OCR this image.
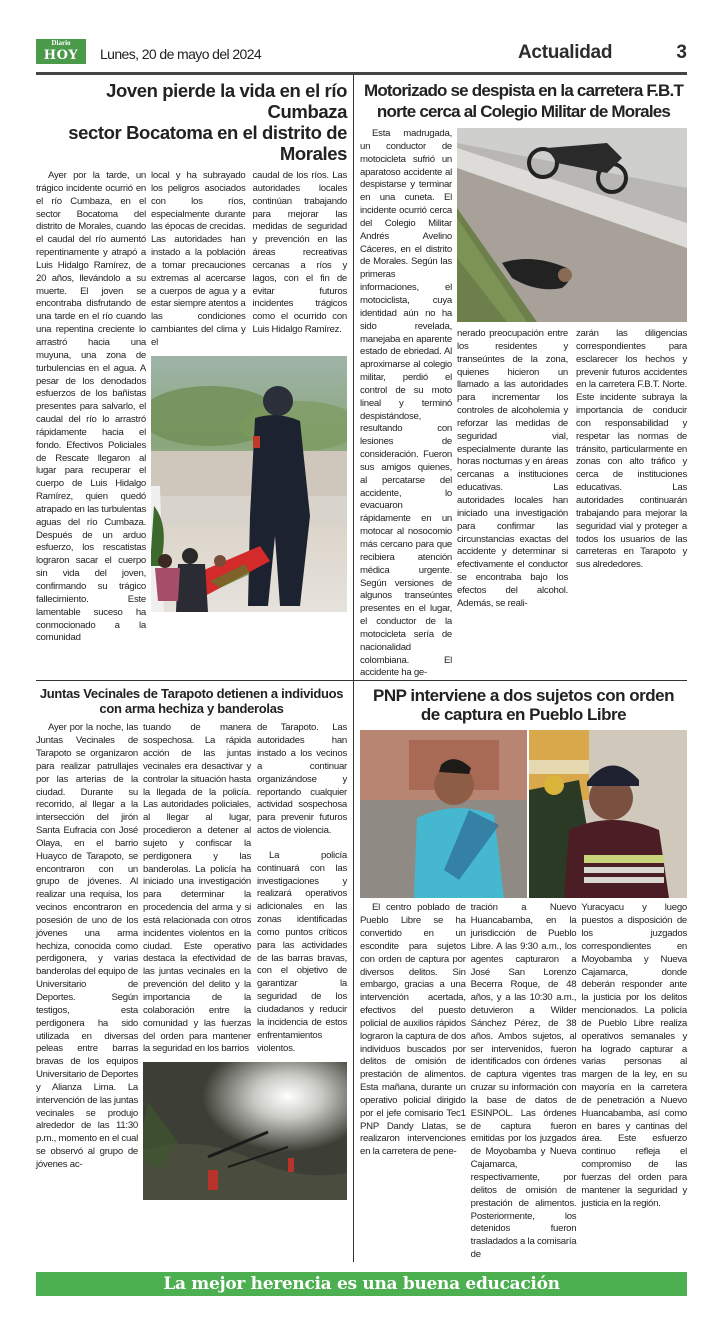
Diario
HOY	Lunes, 20 de mayo del 2024	Actualidad	3
Joven pierde la vida en el río Cumbaza
sector Bocatoma en el distrito de Morales

Ayer por la tarde, un trágico incidente ocurrió en el río Cumbaza, en el sector Bocatoma del distrito de Morales, cuando el caudal del río aumentó repentinamente y atrapó a Luis Hidalgo Ramírez, de 20 años, llevándolo a su muerte. El joven se encontraba disfrutando de una tarde en el río cuando una repentina creciente lo arrastró hacia una muyuna, una zona de turbulencias en el agua. A pesar de los denodados esfuerzos de los bañistas presentes para salvarlo, el caudal del río lo arrastró rápidamente hacia el fondo. Efectivos Policiales de Rescate llegaron al lugar para recuperar el cuerpo de Luis Hidalgo Ramírez, quien quedó atrapado en las turbulentas aguas del río Cumbaza. Después de un arduo esfuerzo, los rescatistas lograron sacar el cuerpo sin vida del joven, confirmando su trágico fallecimiento. Este lamentable suceso ha conmocionado a la comunidad

local y ha subrayado los peligros asociados con los ríos, especialmente durante las épocas de crecidas. Las autoridades han instado a la población a tomar precauciones extremas al acercarse a cuerpos de agua y a estar siempre atentos a las condiciones cambiantes del clima y el

caudal de los ríos. Las autoridades locales continúan trabajando para mejorar las medidas de seguridad y prevención en las áreas recreativas cercanas a ríos y lagos, con el fin de evitar futuros incidentes trágicos como el ocurrido con Luis Hidalgo Ramírez.

Motorizado se despista en la carretera F.B.T
norte cerca al Colegio Militar de Morales

Esta madrugada, un conductor de motocicleta sufrió un aparatoso accidente al despistarse y terminar en una cuneta. El incidente ocurrió cerca del Colegio Militar Andrés Avelino Cáceres, en el distrito de Morales. Según las primeras informaciones, el motociclista, cuya identidad aún no ha sido revelada, manejaba en aparente estado de ebriedad. Al aproximarse al colegio militar, perdió el control de su moto lineal y terminó despistándose, resultando con lesiones de consideración. Fueron sus amigos quienes, al percatarse del accidente, lo evacuaron rápidamente en un motocar al nosocomio más cercano para que recibiera atención médica urgente. Según versiones de algunos transeúntes presentes en el lugar, el conductor de la motocicleta sería de nacionalidad colombiana. El accidente ha ge-

nerado preocupación entre los residentes y transeúntes de la zona, quienes hicieron un llamado a las autoridades para incrementar los controles de alcoholemia y reforzar las medidas de seguridad vial, especialmente durante las horas nocturnas y en áreas cercanas a instituciones educativas. Las autoridades locales han iniciado una investigación para confirmar las circunstancias exactas del accidente y determinar si efectivamente el conductor se encontraba bajo los efectos del alcohol. Además, se reali-

zarán las diligencias correspondientes para esclarecer los hechos y prevenir futuros accidentes en la carretera F.B.T. Norte. Este incidente subraya la importancia de conducir con responsabilidad y respetar las normas de tránsito, particularmente en zonas con alto tráfico y cerca de instituciones educativas. Las autoridades continuarán trabajando para mejorar la seguridad vial y proteger a todos los usuarios de las carreteras en Tarapoto y sus alrededores.

Juntas Vecinales de Tarapoto detienen a individuos
con arma hechiza y banderolas

Ayer por la noche, las Juntas Vecinales de Tarapoto se organizaron para realizar patrullajes por las arterias de la ciudad. Durante su recorrido, al llegar a la intersección del jirón Santa Eufracia con José Olaya, en el barrio Huayco de Tarapoto, se encontraron con un grupo de jóvenes. Al realizar una requisa, los vecinos encontraron en posesión de uno de los jóvenes una arma hechiza, conocida como perdigonera, y varias banderolas del equipo de Universitario de Deportes. Según testigos, esta perdigonera ha sido utilizada en diversas peleas entre barras bravas de los equipos Universitario de Deportes y Alianza Lima. La intervención de las juntas vecinales se produjo alrededor de las 11:30 p.m., momento en el cual se observó al grupo de jóvenes ac-

tuando de manera sospechosa. La rápida acción de las juntas vecinales era desactivar y controlar la situación hasta la llegada de la policía. Las autoridades policiales, al llegar al lugar, procedieron a detener al sujeto y confiscar la perdigonera y las banderolas. La policía ha iniciado una investigación para determinar la procedencia del arma y si está relacionada con otros incidentes violentos en la ciudad. Este operativo destaca la efectividad de las juntas vecinales en la prevención del delito y la importancia de la colaboración entre la comunidad y las fuerzas del orden para mantener la seguridad en los barrios

de Tarapoto. Las autoridades han instado a los vecinos a continuar organizándose y reportando cualquier actividad sospechosa para prevenir futuros actos de violencia.

La policía continuará con las investigaciones y realizará operativos adicionales en las zonas identificadas como puntos críticos para las actividades de las barras bravas, con el objetivo de garantizar la seguridad de los ciudadanos y reducir la incidencia de estos enfrentamientos violentos.

PNP interviene a dos sujetos con orden
de captura en Pueblo Libre

El centro poblado de Pueblo Libre se ha convertido en un escondite para sujetos con orden de captura por diversos delitos. Sin embargo, gracias a una intervención acertada, efectivos del puesto policial de auxilios rápidos lograron la captura de dos individuos buscados por delitos de omisión de prestación de alimentos. Esta mañana, durante un operativo policial dirigido por el jefe comisario Tec1 PNP Dandy Llatas, se realizaron intervenciones en la carretera de pene-

tración a Nuevo Huancabamba, en la jurisdicción de Pueblo Libre. A las 9:30 a.m., los agentes capturaron a José San Lorenzo Becerra Roque, de 48 años, y a las 10:30 a.m., detuvieron a Wilder Sánchez Pérez, de 38 años. Ambos sujetos, al ser intervenidos, fueron identificados con órdenes de captura vigentes tras cruzar su información con la base de datos de ESINPOL. Las órdenes de captura fueron emitidas por los juzgados de Moyobamba y Nueva Cajamarca, respectivamente, por delitos de omisión de prestación de alimentos. Posteriormente, los detenidos fueron trasladados a la comisaría de

Yuracyacu y luego puestos a disposición de los juzgados correspondientes en Moyobamba y Nueva Cajamarca, donde deberán responder ante la justicia por los delitos mencionados. La policía de Pueblo Libre realiza operativos semanales y ha logrado capturar a varias personas al margen de la ley, en su mayoría en la carretera de penetración a Nuevo Huancabamba, así como en bares y cantinas del área. Este esfuerzo continuo refleja el compromiso de las fuerzas del orden para mantener la seguridad y justicia en la región.

La mejor herencia es una buena educación
